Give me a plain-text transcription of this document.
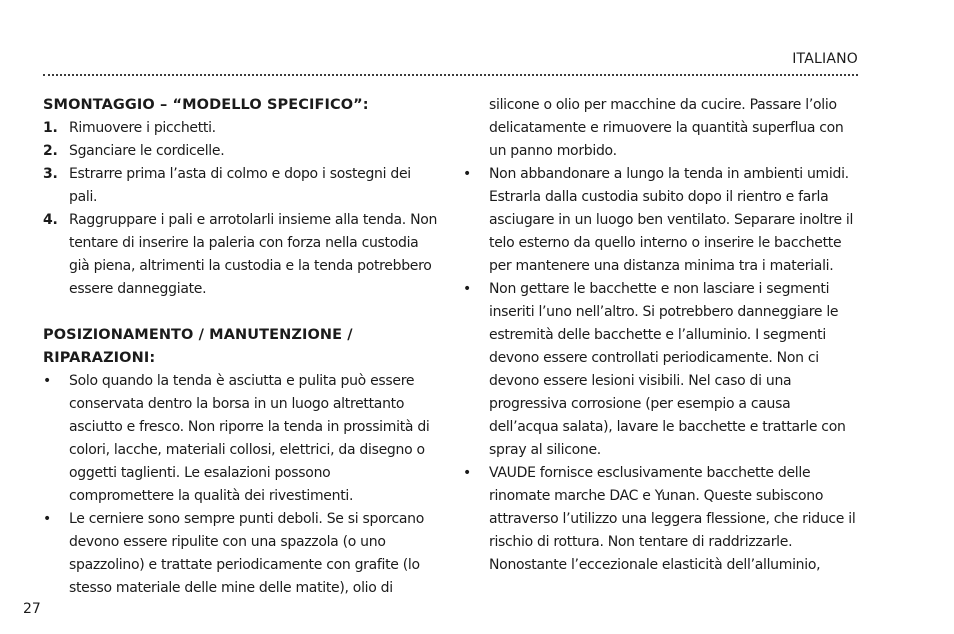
ITALIANO
SMONTAGGIO – “MODELLO SPECIFICO”:
1. Rimuovere i picchetti.
2. Sganciare le cordicelle.
3. Estrarre prima l’asta di colmo e dopo i sostegni dei pali.
4. Raggruppare i pali e arrotolarli insieme alla tenda. Non tentare di inserire la paleria con forza nella custodia già piena, altrimenti la custodia e la tenda potrebbero essere danneggiate.
POSIZIONAMENTO / MANUTENZIONE / RIPARAZIONI:
• Solo quando la tenda è asciutta e pulita può essere conservata dentro la borsa in un luogo altrettanto asciutto e fresco. Non riporre la tenda in prossimità di colori, lacche, materiali collosi, elettrici, da disegno o oggetti taglienti. Le esalazioni possono compromettere la qualità dei rivestimenti.
• Le cerniere sono sempre punti deboli. Se si sporcano devono essere ripulite con una spazzola (o uno spazzolino) e trattate periodicamente con grafite (lo stesso materiale delle mine delle matite), olio di
silicone o olio per macchine da cucire. Passare l’olio delicatamente e rimuovere la quantità superflua con un panno morbido.
• Non abbandonare a lungo la tenda in ambienti umidi. Estrarla dalla custodia subito dopo il rientro e farla asciugare in un luogo ben ventilato. Separare inoltre il telo esterno da quello interno o inserire le bacchette per mantenere una distanza minima tra i materiali.
• Non gettare le bacchette e non lasciare i segmenti inseriti l’uno nell’altro. Si potrebbero danneggiare le estremità delle bacchette e l’alluminio. I segmenti devono essere controllati periodicamente. Non ci devono essere lesioni visibili. Nel caso di una progressiva corrosione (per esempio a causa dell’acqua salata), lavare le bacchette e trattarle con spray al silicone.
• VAUDE fornisce esclusivamente bacchette delle rinomate marche DAC e Yunan. Queste subiscono attraverso l’utilizzo una leggera flessione, che riduce il rischio di rottura. Non tentare di raddrizzarle. Nonostante l’eccezionale elasticità dell’alluminio,
27
